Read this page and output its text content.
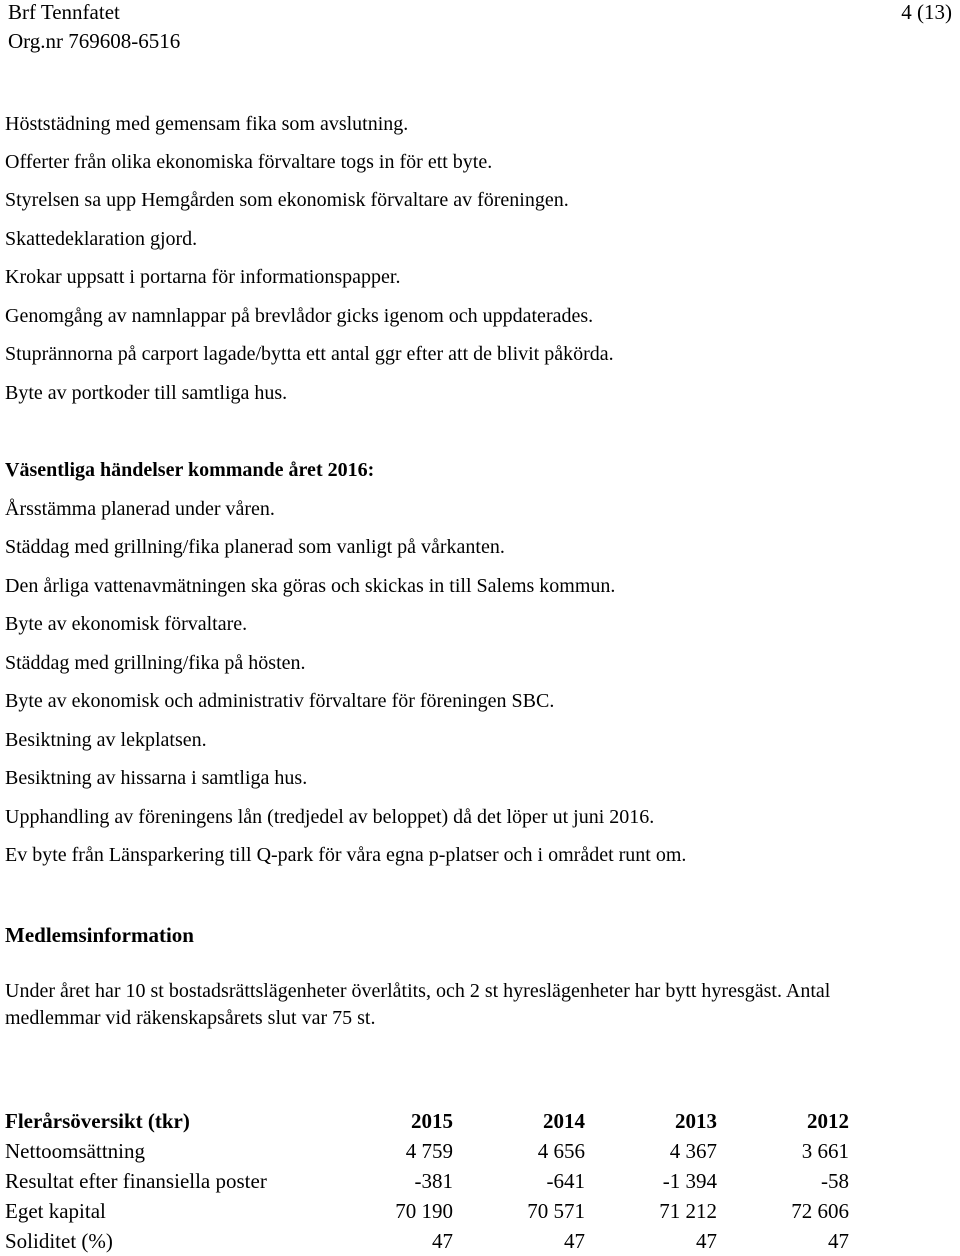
Brf Tennfatet
Org.nr 769608-6516
4 (13)
Höststädning med gemensam fika som avslutning.
Offerter från olika ekonomiska förvaltare togs in för ett byte.
Styrelsen sa upp Hemgården som ekonomisk förvaltare av föreningen.
Skattedeklaration gjord.
Krokar uppsatt i portarna för informationspapper.
Genomgång av namnlappar på brevlådor gicks igenom och uppdaterades.
Stuprännorna på carport lagade/bytta ett antal ggr efter att de blivit påkörda.
Byte av portkoder till samtliga hus.
Väsentliga händelser kommande året 2016:
Årsstämma planerad under våren.
Städdag med grillning/fika planerad som vanligt på vårkanten.
Den årliga vattenavmätningen ska göras och skickas in till Salems kommun.
Byte av ekonomisk förvaltare.
Städdag med grillning/fika på hösten.
Byte av ekonomisk och administrativ förvaltare för föreningen SBC.
Besiktning av lekplatsen.
Besiktning av hissarna i samtliga hus.
Upphandling av föreningens lån (tredjedel av beloppet) då det löper ut juni 2016.
Ev byte från Länsparkering till Q-park för våra egna p-platser och i området runt om.
Medlemsinformation
Under året har 10 st bostadsrättslägenheter överlåtits, och 2 st hyreslägenheter har bytt hyresgäst. Antal
medlemmar vid räkenskapsårets slut var 75 st.
Flerårsöversikt (tkr)	2015	2014	2013	2012
Nettoomsättning	4 759	4 656	4 367	3 661
Resultat efter finansiella poster	-381	-641	-1 394	-58
Eget kapital	70 190	70 571	71 212	72 606
Soliditet (%)	47	47	47	47
